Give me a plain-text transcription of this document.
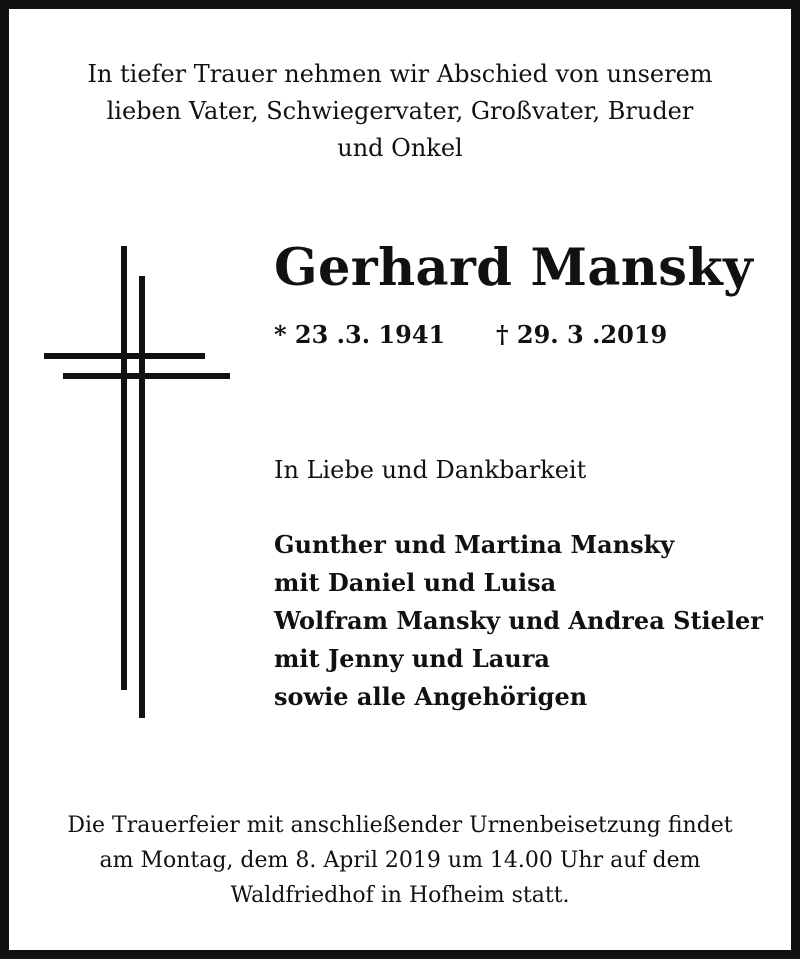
In tiefer Trauer nehmen wir Abschied von unserem
lieben Vater, Schwiegervater, Großvater, Bruder
und Onkel
Gerhard Mansky
* 23 .3. 1941 † 29. 3 .2019
In Liebe und Dankbarkeit
Gunther und Martina Mansky
mit Daniel und Luisa
Wolfram Mansky und Andrea Stieler
mit Jenny und Laura
sowie alle Angehörigen
Die Trauerfeier mit anschließender Urnenbeisetzung findet
am Montag, dem 8. April 2019 um 14.00 Uhr auf dem
Waldfriedhof in Hofheim statt.
